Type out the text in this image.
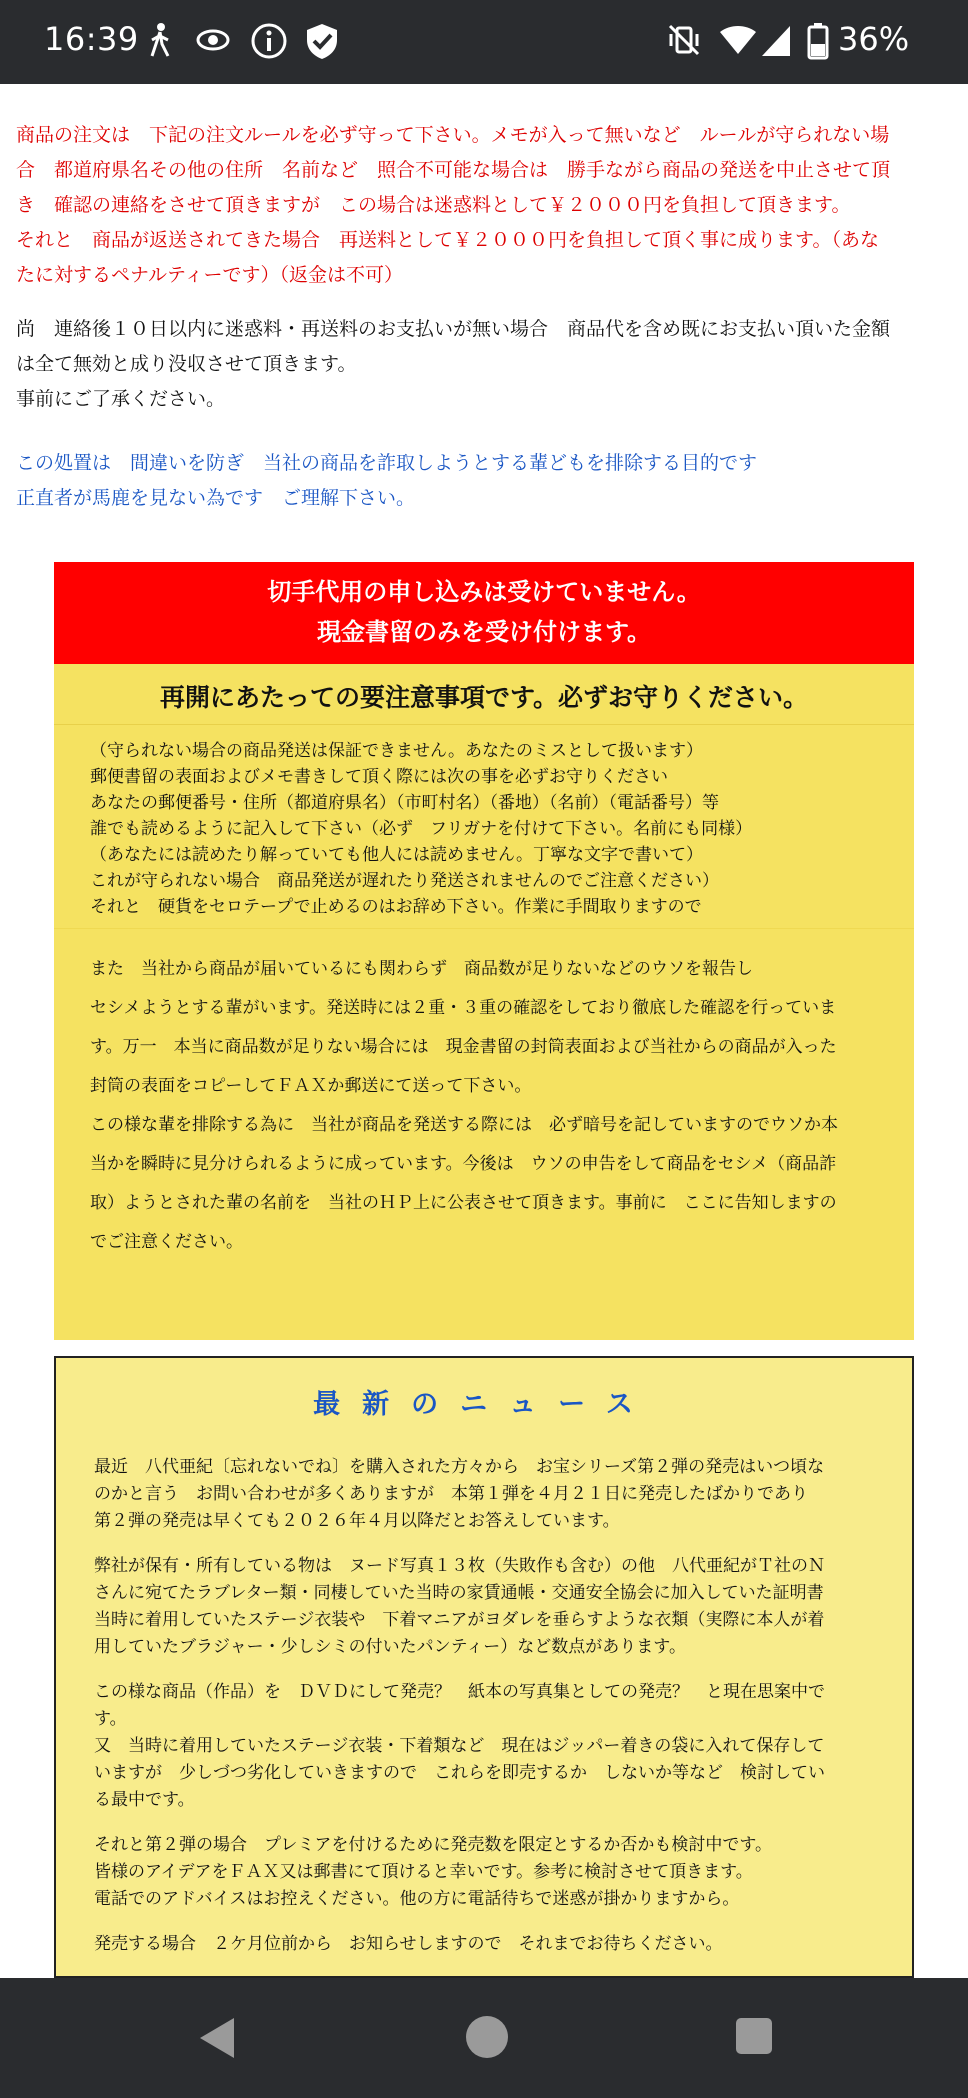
16:39	36%
商品の注文は　下記の注文ルールを必ず守って下さい。メモが入って無いなど　ルールが守られない場
合　都道府県名その他の住所　名前など　照合不可能な場合は　勝手ながら商品の発送を中止させて頂
き　確認の連絡をさせて頂きますが　この場合は迷惑料として￥２０００円を負担して頂きます。
それと　商品が返送されてきた場合　再送料として￥２０００円を負担して頂く事に成ります。（あな
たに対するペナルティーです）（返金は不可）
尚　連絡後１０日以内に迷惑料・再送料のお支払いが無い場合　商品代を含め既にお支払い頂いた金額
は全て無効と成り没収させて頂きます。
事前にご了承ください。
この処置は　間違いを防ぎ　当社の商品を詐取しようとする輩どもを排除する目的です
正直者が馬鹿を見ない為です　ご理解下さい。
切手代用の申し込みは受けていません。
現金書留のみを受け付けます。
再開にあたっての要注意事項です。必ずお守りください。
（守られない場合の商品発送は保証できません。あなたのミスとして扱います）
郵便書留の表面およびメモ書きして頂く際には次の事を必ずお守りください
あなたの郵便番号・住所（都道府県名）（市町村名）（番地）（名前）（電話番号）等
誰でも読めるように記入して下さい（必ず　フリガナを付けて下さい。名前にも同様）
（あなたには読めたり解っていても他人には読めません。丁寧な文字で書いて）
これが守られない場合　商品発送が遅れたり発送されませんのでご注意ください）
それと　硬貨をセロテープで止めるのはお辞め下さい。作業に手間取りますので
また　当社から商品が届いているにも関わらず　商品数が足りないなどのウソを報告し
セシメようとする輩がいます。発送時には２重・３重の確認をしており徹底した確認を行っていま
す。万一　本当に商品数が足りない場合には　現金書留の封筒表面および当社からの商品が入った
封筒の表面をコピーしてＦＡＸか郵送にて送って下さい。
この様な輩を排除する為に　当社が商品を発送する際には　必ず暗号を記していますのでウソか本
当かを瞬時に見分けられるように成っています。今後は　ウソの申告をして商品をセシメ（商品詐
取）ようとされた輩の名前を　当社のＨＰ上に公表させて頂きます。事前に　ここに告知しますの
でご注意ください。
最新のニュース

最近　八代亜紀〔忘れないでね〕を購入された方々から　お宝シリーズ第２弾の発売はいつ頃な
のかと言う　お問い合わせが多くありますが　本第１弾を４月２１日に発売したばかりであり
第２弾の発売は早くても２０２６年４月以降だとお答えしています。

弊社が保有・所有している物は　ヌード写真１３枚（失敗作も含む）の他　八代亜紀がＴ社のＮ
さんに宛てたラブレター類・同棲していた当時の家賃通帳・交通安全協会に加入していた証明書
当時に着用していたステージ衣装や　下着マニアがヨダレを垂らすような衣類（実際に本人が着
用していたブラジャー・少しシミの付いたパンティー）など数点があります。

この様な商品（作品）を　ＤＶＤにして発売？　紙本の写真集としての発売？　と現在思案中で
す。
又　当時に着用していたステージ衣装・下着類など　現在はジッパー着きの袋に入れて保存して
いますが　少しづつ劣化していきますので　これらを即売するか　しないか等など　検討してい
る最中です。

それと第２弾の場合　プレミアを付けるために発売数を限定とするか否かも検討中です。
皆様のアイデアをＦＡＸ又は郵書にて頂けると幸いです。参考に検討させて頂きます。
電話でのアドバイスはお控えください。他の方に電話待ちで迷惑が掛かりますから。

発売する場合　２ケ月位前から　お知らせしますので　それまでお待ちください。
